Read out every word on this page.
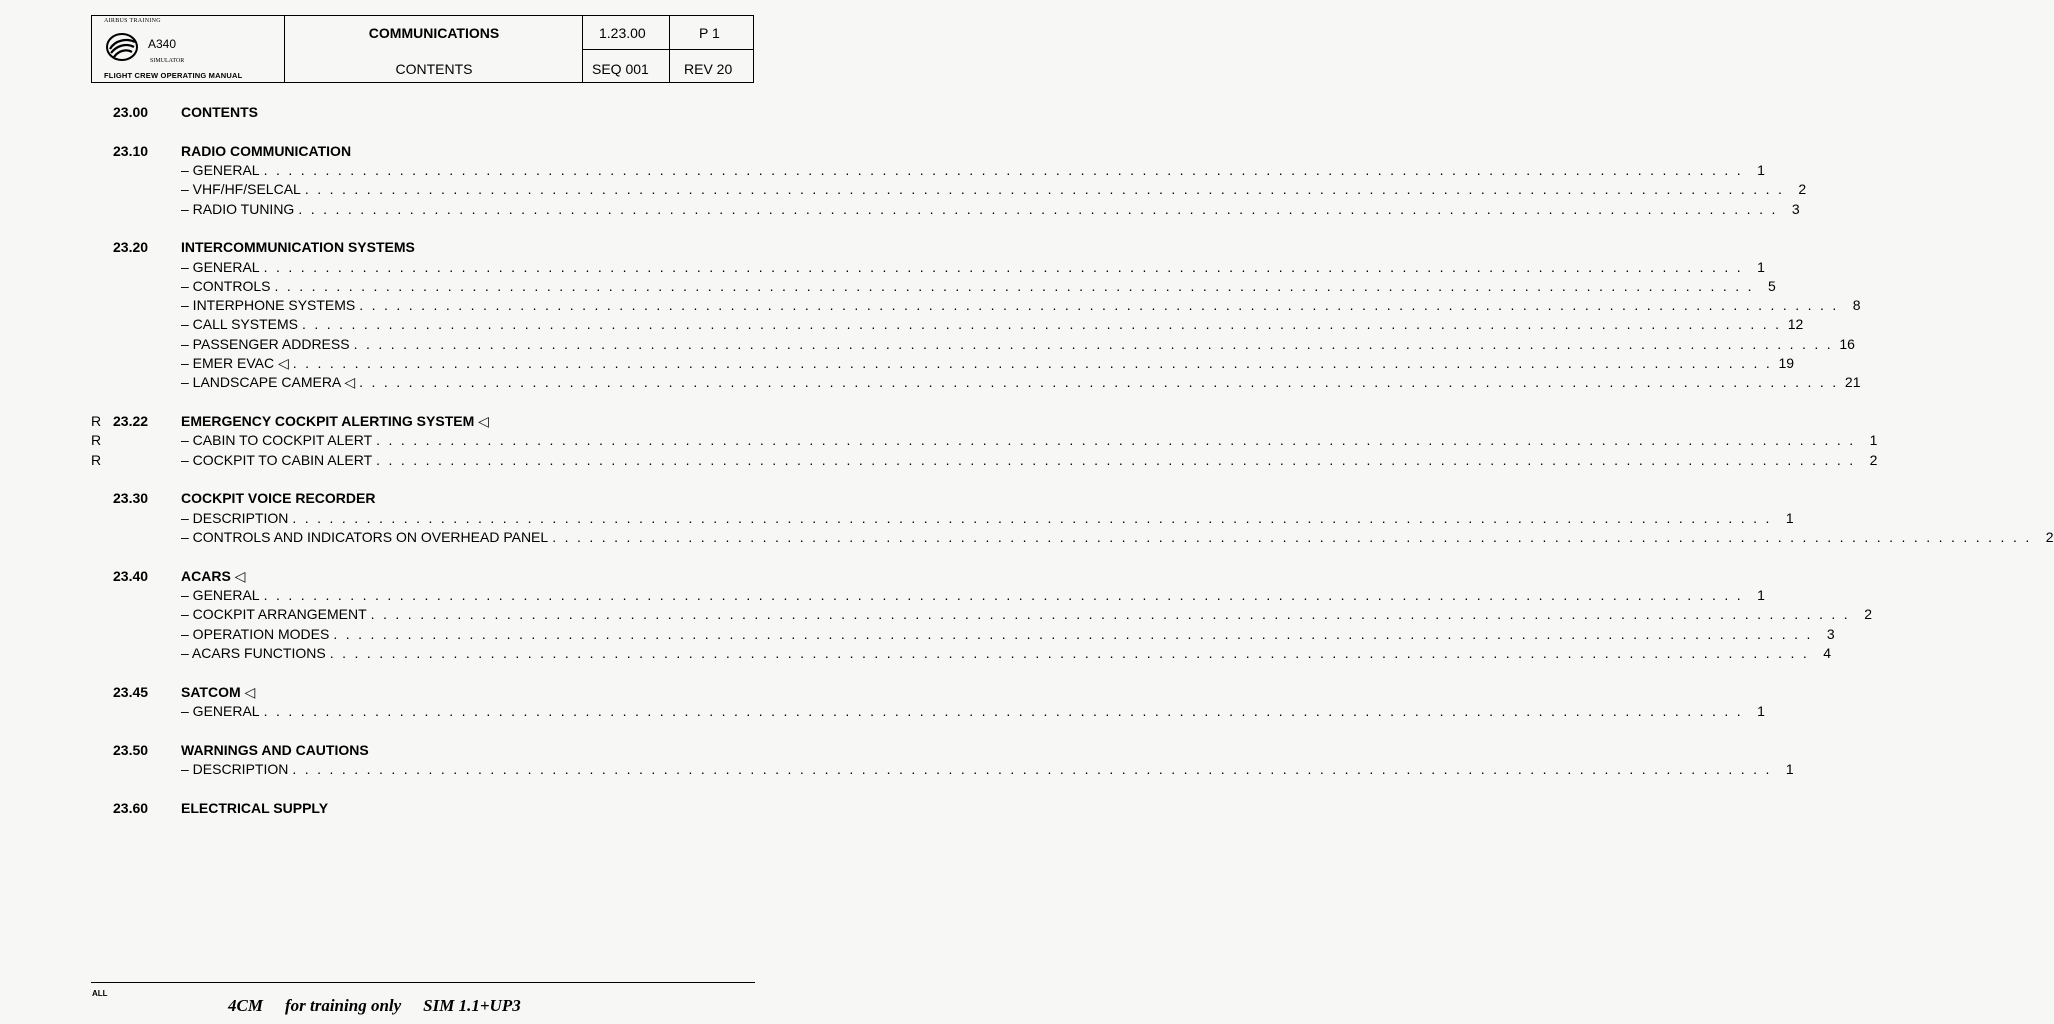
AIRBUS TRAINING
A340
SIMULATOR
FLIGHT CREW OPERATING MANUAL
COMMUNICATIONS
CONTENTS
1.23.00	P 1
SEQ 001	REV 20
23.00 CONTENTS
23.10 RADIO COMMUNICATION
– GENERAL . . . . . . . . . . . . . . . . . . . . . . . . . . . . . . . . . . . . . . . . . . . . . . . . . . . . . . . . . . . . . . . . . . . . . . . . . . . . . . . . . . . . . . . . . . . . . . . . . . . . . . . . . . . . . . . . . . . . . . . .	1
– VHF/HF/SELCAL . . . . . . . . . . . . . . . . . . . . . . . . . . . . . . . . . . . . . . . . . . . . . . . . . . . . . . . . . . . . . . . . . . . . . . . . . . . . . . . . . . . . . . . . . . . . . . . . . . . . . . . . . . . . . . . . . . . . . . . .	2
– RADIO TUNING . . . . . . . . . . . . . . . . . . . . . . . . . . . . . . . . . . . . . . . . . . . . . . . . . . . . . . . . . . . . . . . . . . . . . . . . . . . . . . . . . . . . . . . . . . . . . . . . . . . . . . . . . . . . . . . . . . . . . . . .	3
23.20 INTERCOMMUNICATION SYSTEMS
– GENERAL . . . . . . . . . . . . . . . . . . . . . . . . . . . . . . . . . . . . . . . . . . . . . . . . . . . . . . . . . . . . . . . . . . . . . . . . . . . . . . . . . . . . . . . . . . . . . . . . . . . . . . . . . . . . . . . . . . . . . . . .	1
– CONTROLS . . . . . . . . . . . . . . . . . . . . . . . . . . . . . . . . . . . . . . . . . . . . . . . . . . . . . . . . . . . . . . . . . . . . . . . . . . . . . . . . . . . . . . . . . . . . . . . . . . . . . . . . . . . . . . . . . . . . . . . .	5
– INTERPHONE SYSTEMS . . . . . . . . . . . . . . . . . . . . . . . . . . . . . . . . . . . . . . . . . . . . . . . . . . . . . . . . . . . . . . . . . . . . . . . . . . . . . . . . . . . . . . . . . . . . . . . . . . . . . . . . . . . . . . . . . . . . . . . .	8
– CALL SYSTEMS . . . . . . . . . . . . . . . . . . . . . . . . . . . . . . . . . . . . . . . . . . . . . . . . . . . . . . . . . . . . . . . . . . . . . . . . . . . . . . . . . . . . . . . . . . . . . . . . . . . . . . . . . . . . . . . . . . . . . . . . 12
– PASSENGER ADDRESS . . . . . . . . . . . . . . . . . . . . . . . . . . . . . . . . . . . . . . . . . . . . . . . . . . . . . . . . . . . . . . . . . . . . . . . . . . . . . . . . . . . . . . . . . . . . . . . . . . . . . . . . . . . . . . . . . . . . . . . . 16
– EMER EVAC ◁ . . . . . . . . . . . . . . . . . . . . . . . . . . . . . . . . . . . . . . . . . . . . . . . . . . . . . . . . . . . . . . . . . . . . . . . . . . . . . . . . . . . . . . . . . . . . . . . . . . . . . . . . . . . . . . . . . . . . . . . . 19
– LANDSCAPE CAMERA ◁ . . . . . . . . . . . . . . . . . . . . . . . . . . . . . . . . . . . . . . . . . . . . . . . . . . . . . . . . . . . . . . . . . . . . . . . . . . . . . . . . . . . . . . . . . . . . . . . . . . . . . . . . . . . . . . . . . . . . . . . . 21
R 23.22 EMERGENCY COCKPIT ALERTING SYSTEM ◁
R	– CABIN TO COCKPIT ALERT . . . . . . . . . . . . . . . . . . . . . . . . . . . . . . . . . . . . . . . . . . . . . . . . . . . . . . . . . . . . . . . . . . . . . . . . . . . . . . . . . . . . . . . . . . . . . . . . . . . . . . . . . . . . . . . . . . . . . . . .	1
R	– COCKPIT TO CABIN ALERT . . . . . . . . . . . . . . . . . . . . . . . . . . . . . . . . . . . . . . . . . . . . . . . . . . . . . . . . . . . . . . . . . . . . . . . . . . . . . . . . . . . . . . . . . . . . . . . . . . . . . . . . . . . . . . . . . . . . . . . .	2
23.30 COCKPIT VOICE RECORDER
– DESCRIPTION . . . . . . . . . . . . . . . . . . . . . . . . . . . . . . . . . . . . . . . . . . . . . . . . . . . . . . . . . . . . . . . . . . . . . . . . . . . . . . . . . . . . . . . . . . . . . . . . . . . . . . . . . . . . . . . . . . . . . . . .	1
– CONTROLS AND INDICATORS ON OVERHEAD PANEL . . . . . . . . . . . . . . . . . . . . . . . . . . . . . . . . . . . . . . . . . . . . . . . . . . . . . . . . . . . . . . . . . . . . . . . . . . . . . . . . . . . . . . . . . . . . . . . . . . . . . . . . . . . . . . . . . . . . . . . .	2
23.40 ACARS ◁
– GENERAL . . . . . . . . . . . . . . . . . . . . . . . . . . . . . . . . . . . . . . . . . . . . . . . . . . . . . . . . . . . . . . . . . . . . . . . . . . . . . . . . . . . . . . . . . . . . . . . . . . . . . . . . . . . . . . . . . . . . . . . .	1
– COCKPIT ARRANGEMENT . . . . . . . . . . . . . . . . . . . . . . . . . . . . . . . . . . . . . . . . . . . . . . . . . . . . . . . . . . . . . . . . . . . . . . . . . . . . . . . . . . . . . . . . . . . . . . . . . . . . . . . . . . . . . . . . . . . . . . . .	2
– OPERATION MODES . . . . . . . . . . . . . . . . . . . . . . . . . . . . . . . . . . . . . . . . . . . . . . . . . . . . . . . . . . . . . . . . . . . . . . . . . . . . . . . . . . . . . . . . . . . . . . . . . . . . . . . . . . . . . . . . . . . . . . . .	3
– ACARS FUNCTIONS . . . . . . . . . . . . . . . . . . . . . . . . . . . . . . . . . . . . . . . . . . . . . . . . . . . . . . . . . . . . . . . . . . . . . . . . . . . . . . . . . . . . . . . . . . . . . . . . . . . . . . . . . . . . . . . . . . . . . . . .	4
23.45 SATCOM ◁
– GENERAL . . . . . . . . . . . . . . . . . . . . . . . . . . . . . . . . . . . . . . . . . . . . . . . . . . . . . . . . . . . . . . . . . . . . . . . . . . . . . . . . . . . . . . . . . . . . . . . . . . . . . . . . . . . . . . . . . . . . . . . .	1
23.50 WARNINGS AND CAUTIONS
– DESCRIPTION . . . . . . . . . . . . . . . . . . . . . . . . . . . . . . . . . . . . . . . . . . . . . . . . . . . . . . . . . . . . . . . . . . . . . . . . . . . . . . . . . . . . . . . . . . . . . . . . . . . . . . . . . . . . . . . . . . . . . . . .	1
23.60 ELECTRICAL SUPPLY
ALL
4CM for training only SIM 1.1+UP3
